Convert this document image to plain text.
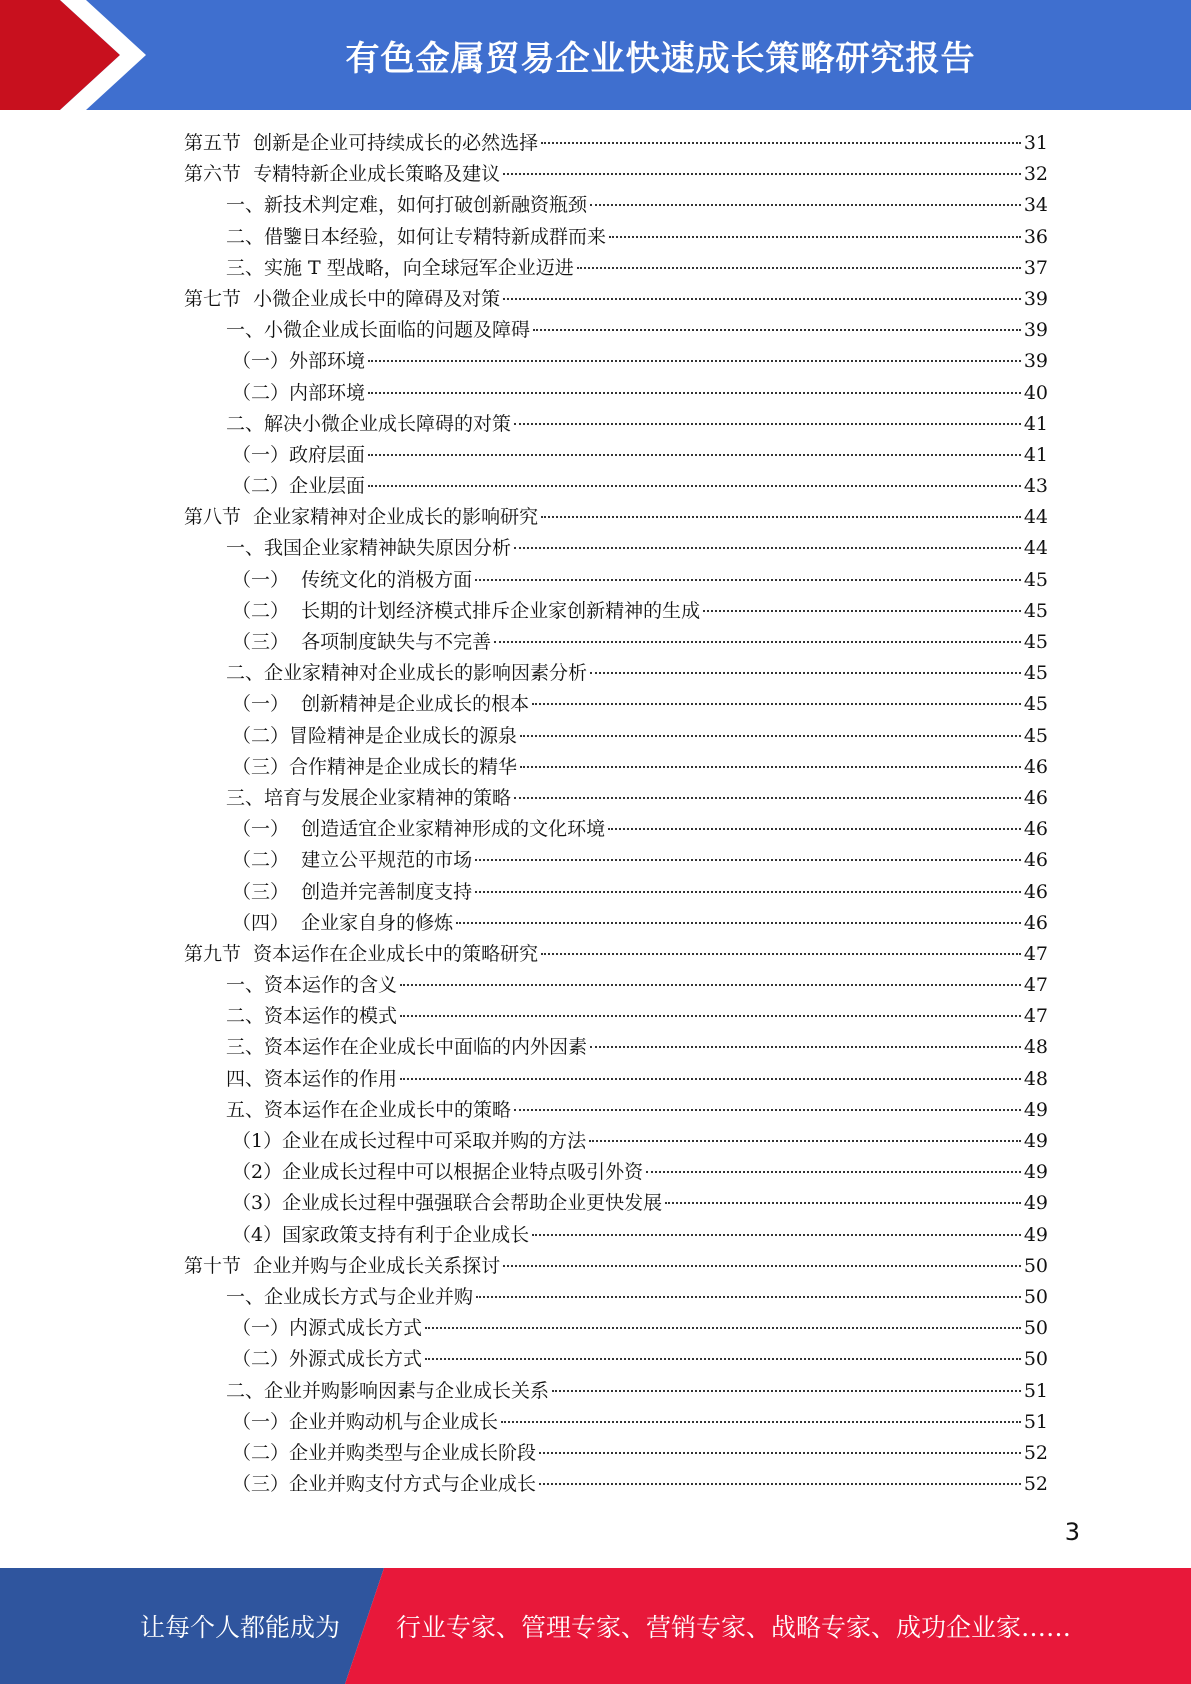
有色金属贸易企业快速成长策略研究报告
第五节  创新是企业可持续成长的必然选择	31
第六节  专精特新企业成长策略及建议	32
一、新技术判定难，如何打破创新融资瓶颈	34
二、借鑒日本经验，如何让专精特新成群而来	36
三、实施 T 型战略，向全球冠军企业迈进	37
第七节  小微企业成长中的障碍及对策	39
一、小微企业成长面临的问题及障碍	39
（一）外部环境	39
（二）内部环境	40
二、解决小微企业成长障碍的对策	41
（一）政府层面	41
（二）企业层面	43
第八节  企业家精神对企业成长的影响研究	44
一、我国企业家精神缺失原因分析	44
（一）  传统文化的消极方面	45
（二）  长期的计划经济模式排斥企业家创新精神的生成	45
（三）  各项制度缺失与不完善	45
二、企业家精神对企业成长的影响因素分析	45
（一）  创新精神是企业成长的根本	45
（二）冒险精神是企业成长的源泉	45
（三）合作精神是企业成长的精华	46
三、培育与发展企业家精神的策略	46
（一）  创造适宜企业家精神形成的文化环境	46
（二）  建立公平规范的市场	46
（三）  创造并完善制度支持	46
（四）  企业家自身的修炼	46
第九节  资本运作在企业成长中的策略研究	47
一、资本运作的含义	47
二、资本运作的模式	47
三、资本运作在企业成长中面临的内外因素	48
四、资本运作的作用	48
五、资本运作在企业成长中的策略	49
（1）企业在成长过程中可采取并购的方法	49
（2）企业成长过程中可以根据企业特点吸引外资	49
（3）企业成长过程中强强联合会帮助企业更快发展	49
（4）国家政策支持有利于企业成长	49
第十节  企业并购与企业成长关系探讨	50
一、企业成长方式与企业并购	50
（一）内源式成长方式	50
（二）外源式成长方式	50
二、企业并购影响因素与企业成长关系	51
（一）企业并购动机与企业成长	51
（二）企业并购类型与企业成长阶段	52
（三）企业并购支付方式与企业成长	52
3
让每个人都能成为 行业专家、管理专家、营销专家、战略专家、成功企业家……
